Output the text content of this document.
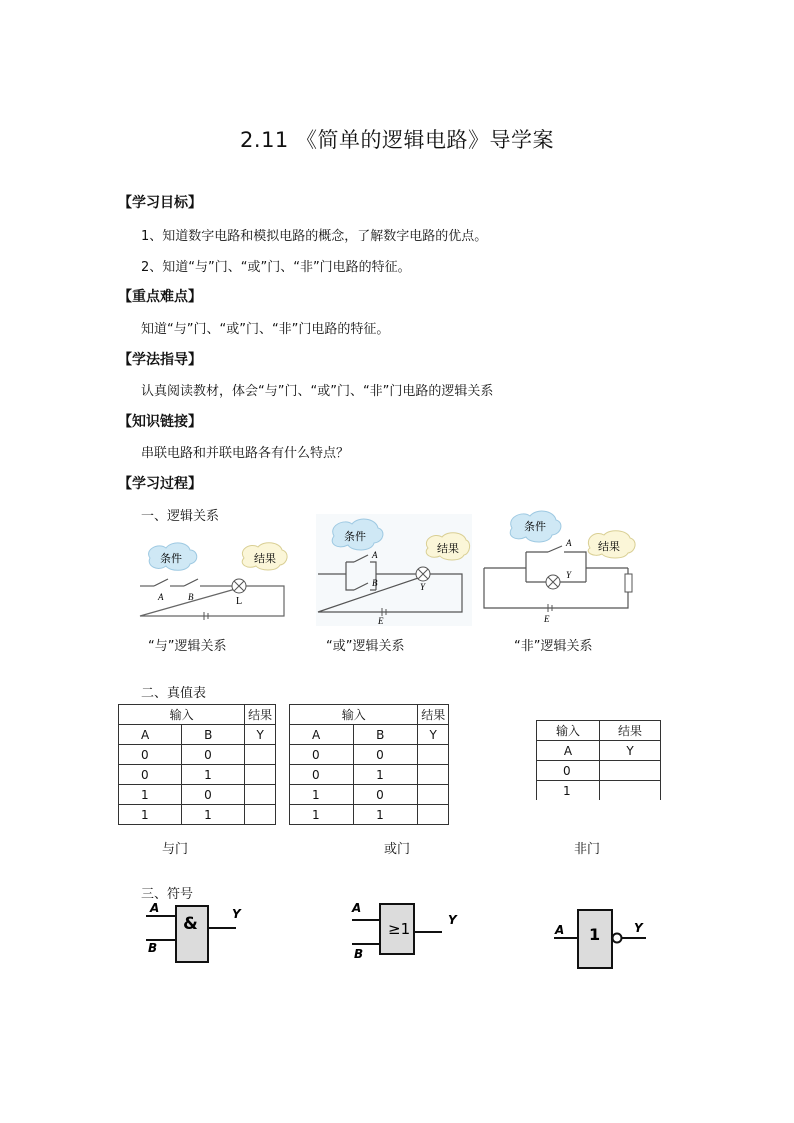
2.11 《简单的逻辑电路》导学案
【学习目标】
1、知道数字电路和模拟电路的概念，了解数字电路的优点。
2、知道“与”门、“或”门、“非”门电路的特征。
【重点难点】
知道“与”门、“或”门、“非”门电路的特征。
【学法指导】
认真阅读教材，体会“与”门、“或”门、“非”门电路的逻辑关系
【知识链接】
串联电路和并联电路各有什么特点？
【学习过程】
一、逻辑关系
条件	结果
A	B	L
“与”逻辑关系
条件
结果
A
B	Y
E
“或”逻辑关系
条件
结果
A
Y
E
“非”逻辑关系
二、真值表
输入		结果
A	B	Y
0	0	
0	1	
1	0	
1	1	
与门
输入		结果
A	B	Y
0	0	
0	1	
1	0	
1	1	
或门
输入	结果
A	Y
0	
1	
非门
三、符号
&
A
B
Y
≥1
A
B
Y
1
A	Y
